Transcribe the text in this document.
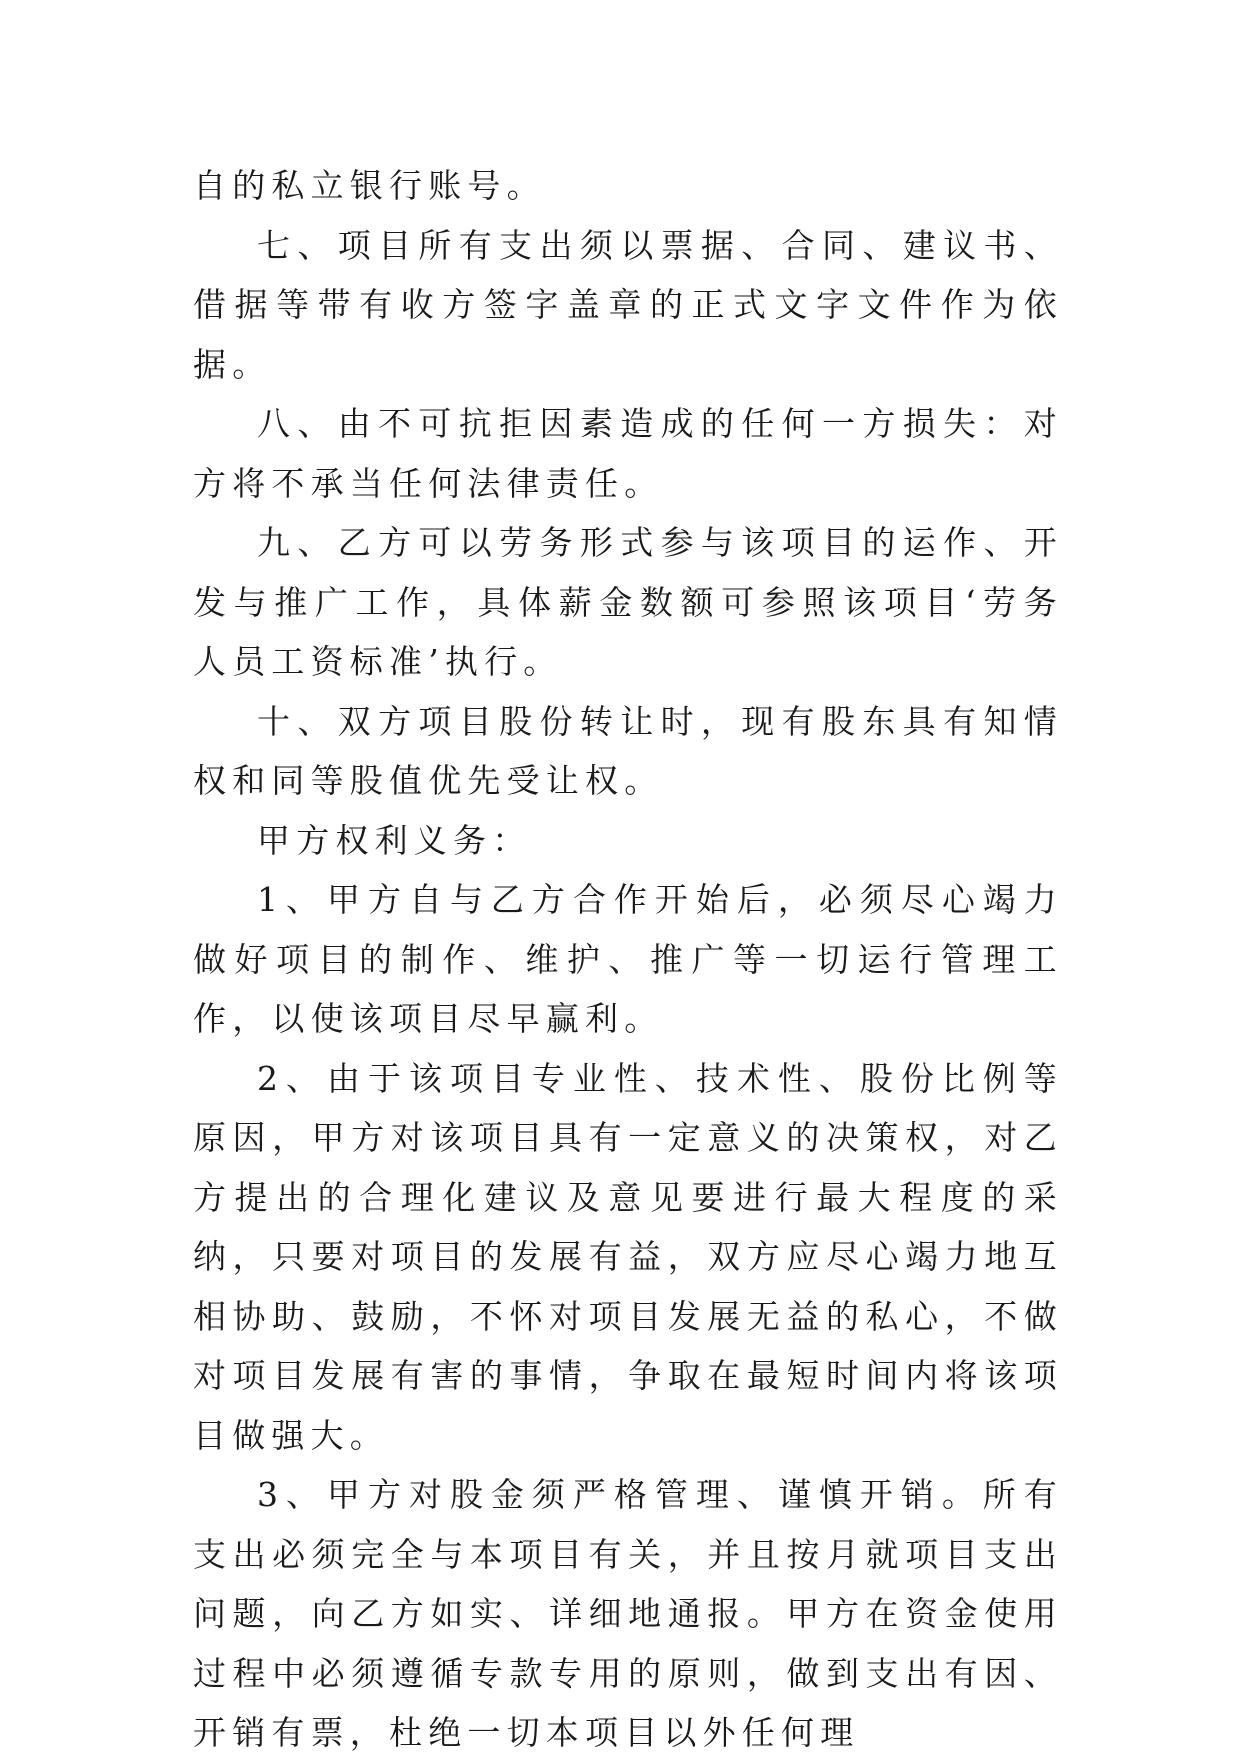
自的私立银行账号。

七、项目所有支出须以票据、合同、建议书、借据等带有收方签字盖章的正式文字文件作为依据。

八、由不可抗拒因素造成的任何一方损失：对方将不承当任何法律责任。

九、乙方可以劳务形式参与该项目的运作、开发与推广工作，具体薪金数额可参照该项目‘劳务人员工资标准’执行。

十、双方项目股份转让时，现有股东具有知情权和同等股值优先受让权。

甲方权利义务：

1、甲方自与乙方合作开始后，必须尽心竭力做好项目的制作、维护、推广等一切运行管理工作，以使该项目尽早赢利。

2、由于该项目专业性、技术性、股份比例等原因，甲方对该项目具有一定意义的决策权，对乙方提出的合理化建议及意见要进行最大程度的采纳，只要对项目的发展有益，双方应尽心竭力地互相协助、鼓励，不怀对项目发展无益的私心，不做对项目发展有害的事情，争取在最短时间内将该项目做强大。

3、甲方对股金须严格管理、谨慎开销。所有支出必须完全与本项目有关，并且按月就项目支出问题，向乙方如实、详细地通报。甲方在资金使用过程中必须遵循专款专用的原则，做到支出有因、开销有票，杜绝一切本项目以外任何理
